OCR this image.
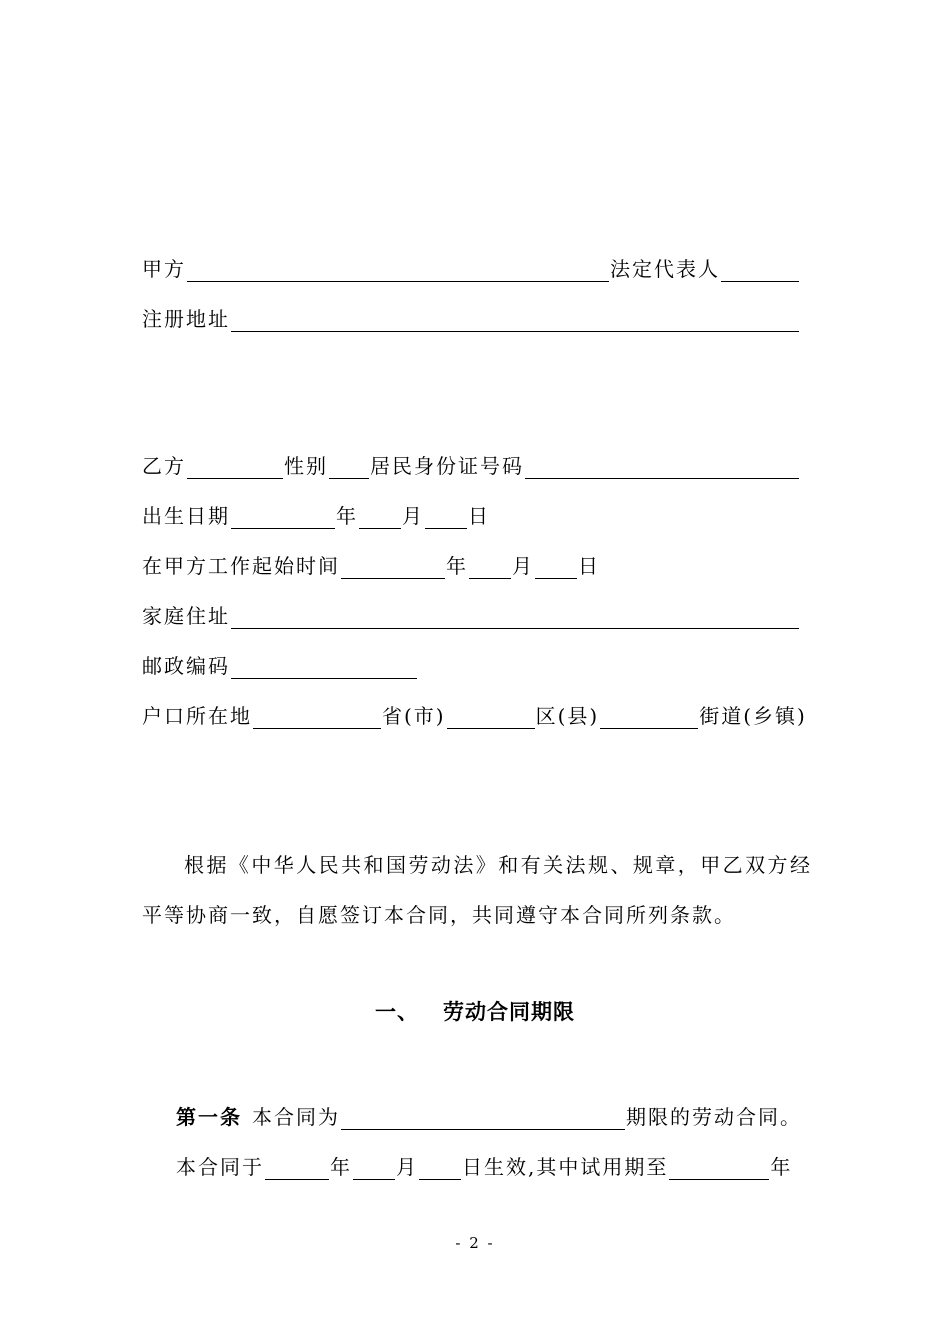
甲方	法定代表人
注册地址
乙方	性别 居民身份证号码
出生日期	年 月 日
在甲方工作起始时间	年 月 日
家庭住址
邮政编码
户口所在地	省(市)	区(县)	街道(乡镇)
根据《中华人民共和国劳动法》和有关法规、规章，甲乙双方经平等协商一致，自愿签订本合同，共同遵守本合同所列条款。
一、 劳动合同期限
第一条 本合同为	期限的劳动合同。
本合同于	年 月 日生效,其中试用期至	年
- 2 -
